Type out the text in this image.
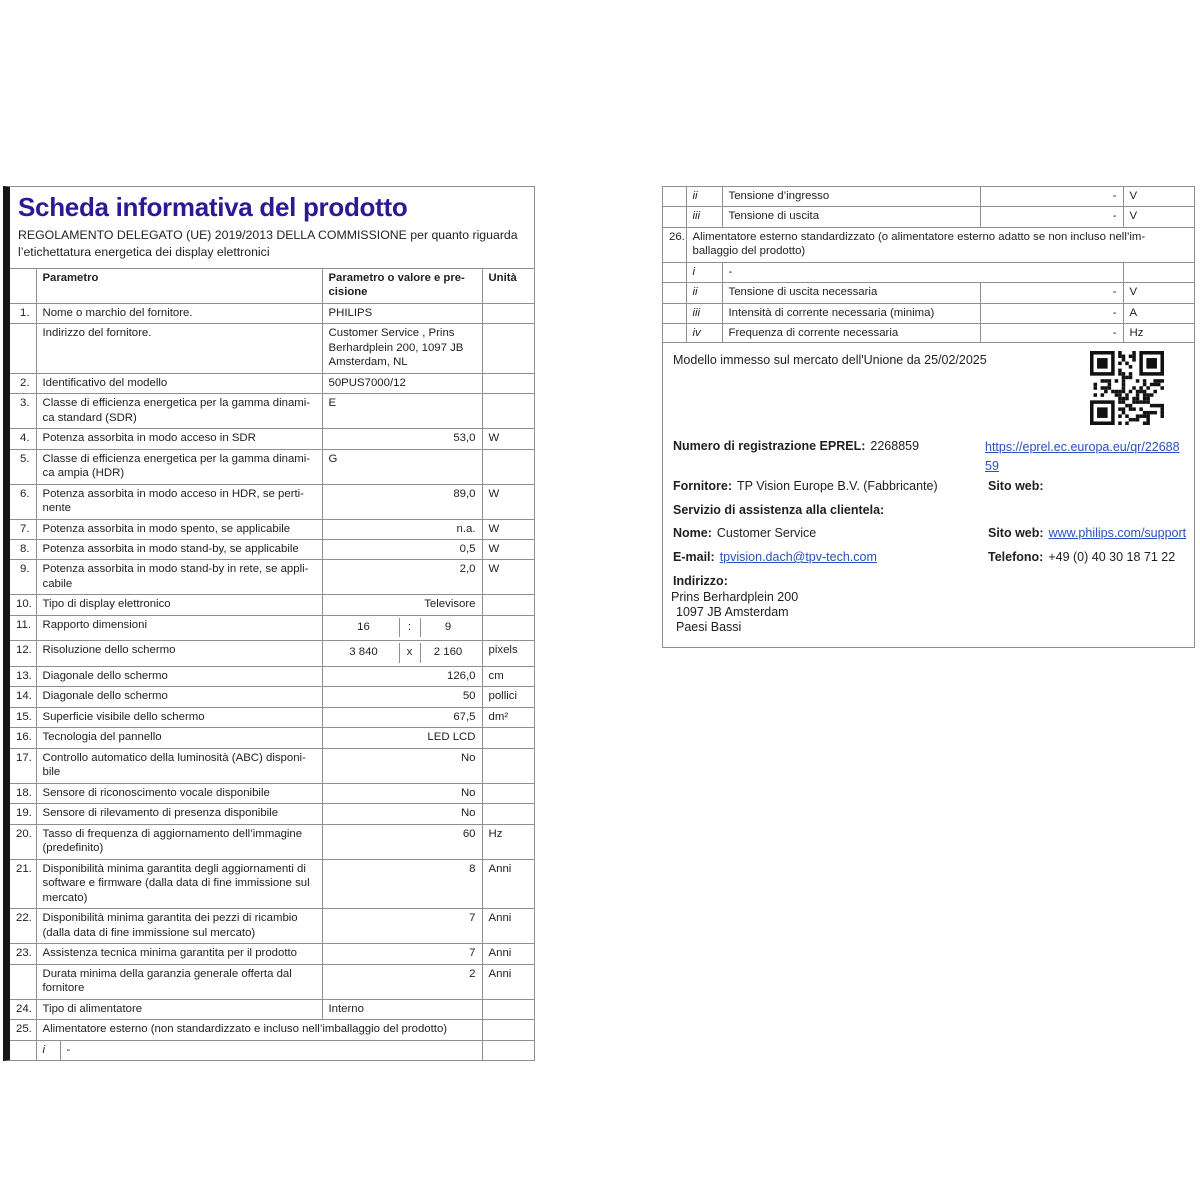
Scheda informativa del prodotto

REGOLAMENTO DELEGATO (UE) 2019/2013 DELLA COMMISSIONE per quanto riguarda l’etichettatura energetica dei display elettronici

	Parametro		Parametro o valore e pre-cisione	Unità
1.	Nome o marchio del fornitore.		PHILIPS	
	Indirizzo del fornitore.		Customer Service , Prins Berhardplein 200, 1097 JB Amsterdam, NL	
2.	Identificativo del modello		50PUS7000/12	
3.	Classe di efficienza energetica per la gamma dinami-ca standard (SDR)		E	
4.	Potenza assorbita in modo acceso in SDR		53,0	W
5.	Classe di efficienza energetica per la gamma dinami-ca ampia (HDR)		G	
6.	Potenza assorbita in modo acceso in HDR, se perti-nente		89,0	W
7.	Potenza assorbita in modo spento, se applicabile		n.a.	W
8.	Potenza assorbita in modo stand-by, se applicabile		0,5	W
9.	Potenza assorbita in modo stand-by in rete, se appli-cabile		2,0	W
10.	Tipo di display elettronico		Televisore	
11.	Rapporto dimensioni		16 : 9	

12.	Risoluzione dello schermo		3 840 x 2 160	pixels
13.	Diagonale dello schermo		126,0	cm
14.	Diagonale dello schermo		50	pollici
15.	Superficie visibile dello schermo		67,5	dm²
16.	Tecnologia del pannello		LED LCD	
17.	Controllo automatico della luminosità (ABC) disponi-bile		No	
18.	Sensore di riconoscimento vocale disponibile		No	
19.	Sensore di rilevamento di presenza disponibile		No	
20.	Tasso di frequenza di aggiornamento dell’immagine (predefinito)		60	Hz
21.	Disponibilità minima garantita degli aggiornamenti di software e firmware (dalla data di fine immissione sul mercato)		8	Anni
22.	Disponibilità minima garantita dei pezzi di ricambio (dalla data di fine immissione sul mercato)		7	Anni
23.	Assistenza tecnica minima garantita per il prodotto		7	Anni
	Durata minima della garanzia generale offerta dal fornitore		2	Anni
24.	Tipo di alimentatore		Interno	
25.	Alimentatore esterno (non standardizzato e incluso nell’imballaggio del prodotto)			
	i	-		
	ii	Tensione d’ingresso	-	V
	iii	Tensione di uscita	-	V
26.	Alimentatore esterno standardizzato (o alimentatore esterno adatto se non incluso nell’im-ballaggio del prodotto)			
	i	-		
	ii	Tensione di uscita necessaria	-	V
	iii	Intensità di corrente necessaria (minima)	-	A
	iv	Frequenza di corrente necessaria	-	Hz
Modello immesso sul mercato dell'Unione da 25/02/2025
Numero di registrazione EPREL: 2268859	https://eprel.ec.europa.eu/qr/2268859
Fornitore: TP Vision Europe B.V. (Fabbricante)	Sito web:
Servizio di assistenza alla clientela:
Nome: Customer Service	Sito web: www.philips.com/support
E-mail: tpvision.dach@tpv-tech.com	Telefono: +49 (0) 40 30 18 71 22
Indirizzo:
Prins Berhardplein 200
1097 JB Amsterdam
Paesi Bassi
